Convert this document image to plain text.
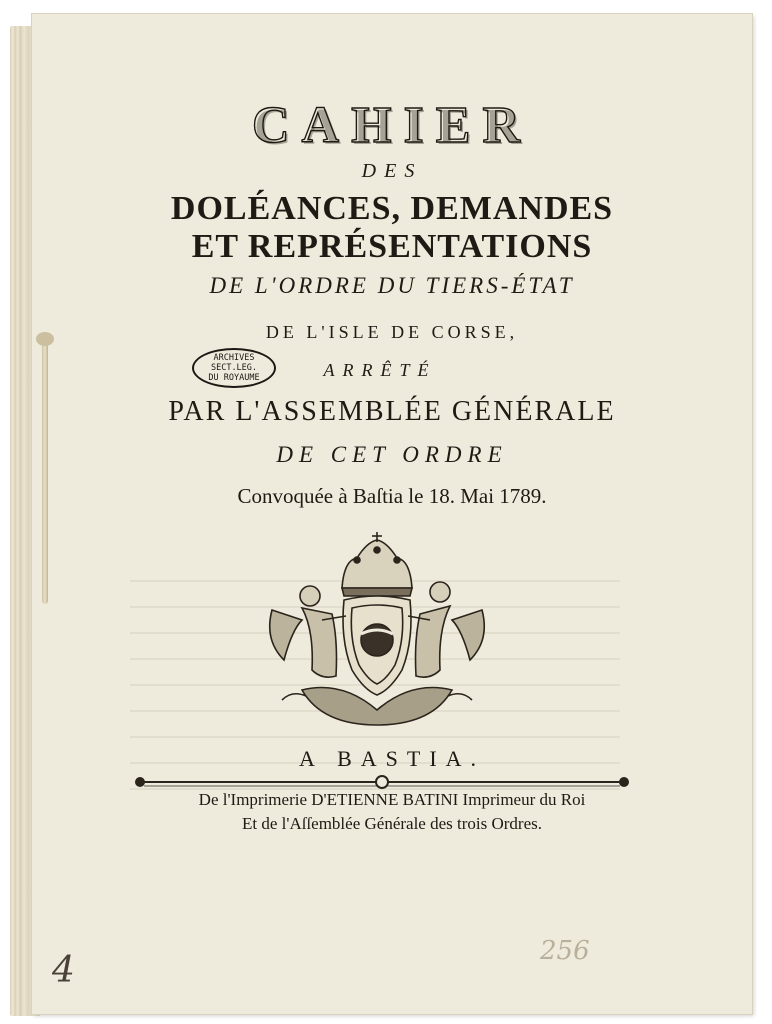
CAHIER
DES
DOLÉANCES, DEMANDES
ET REPRÉSENTATIONS
DE L'ORDRE DU TIERS-ÉTAT
DE L'ISLE DE CORSE,
ARCHIVES
SECT.LEG.
DU ROYAUME	ARRÊTÉ
PAR L'ASSEMBLÉE GÉNÉRALE
DE CET ORDRE
Convoquée à Baſtia le 18. Mai 1789.
A BASTIA.
De l'Imprimerie D'ETIENNE BATINI Imprimeur du Roi
Et de l'Aſſemblée Générale des trois Ordres.
4	256
